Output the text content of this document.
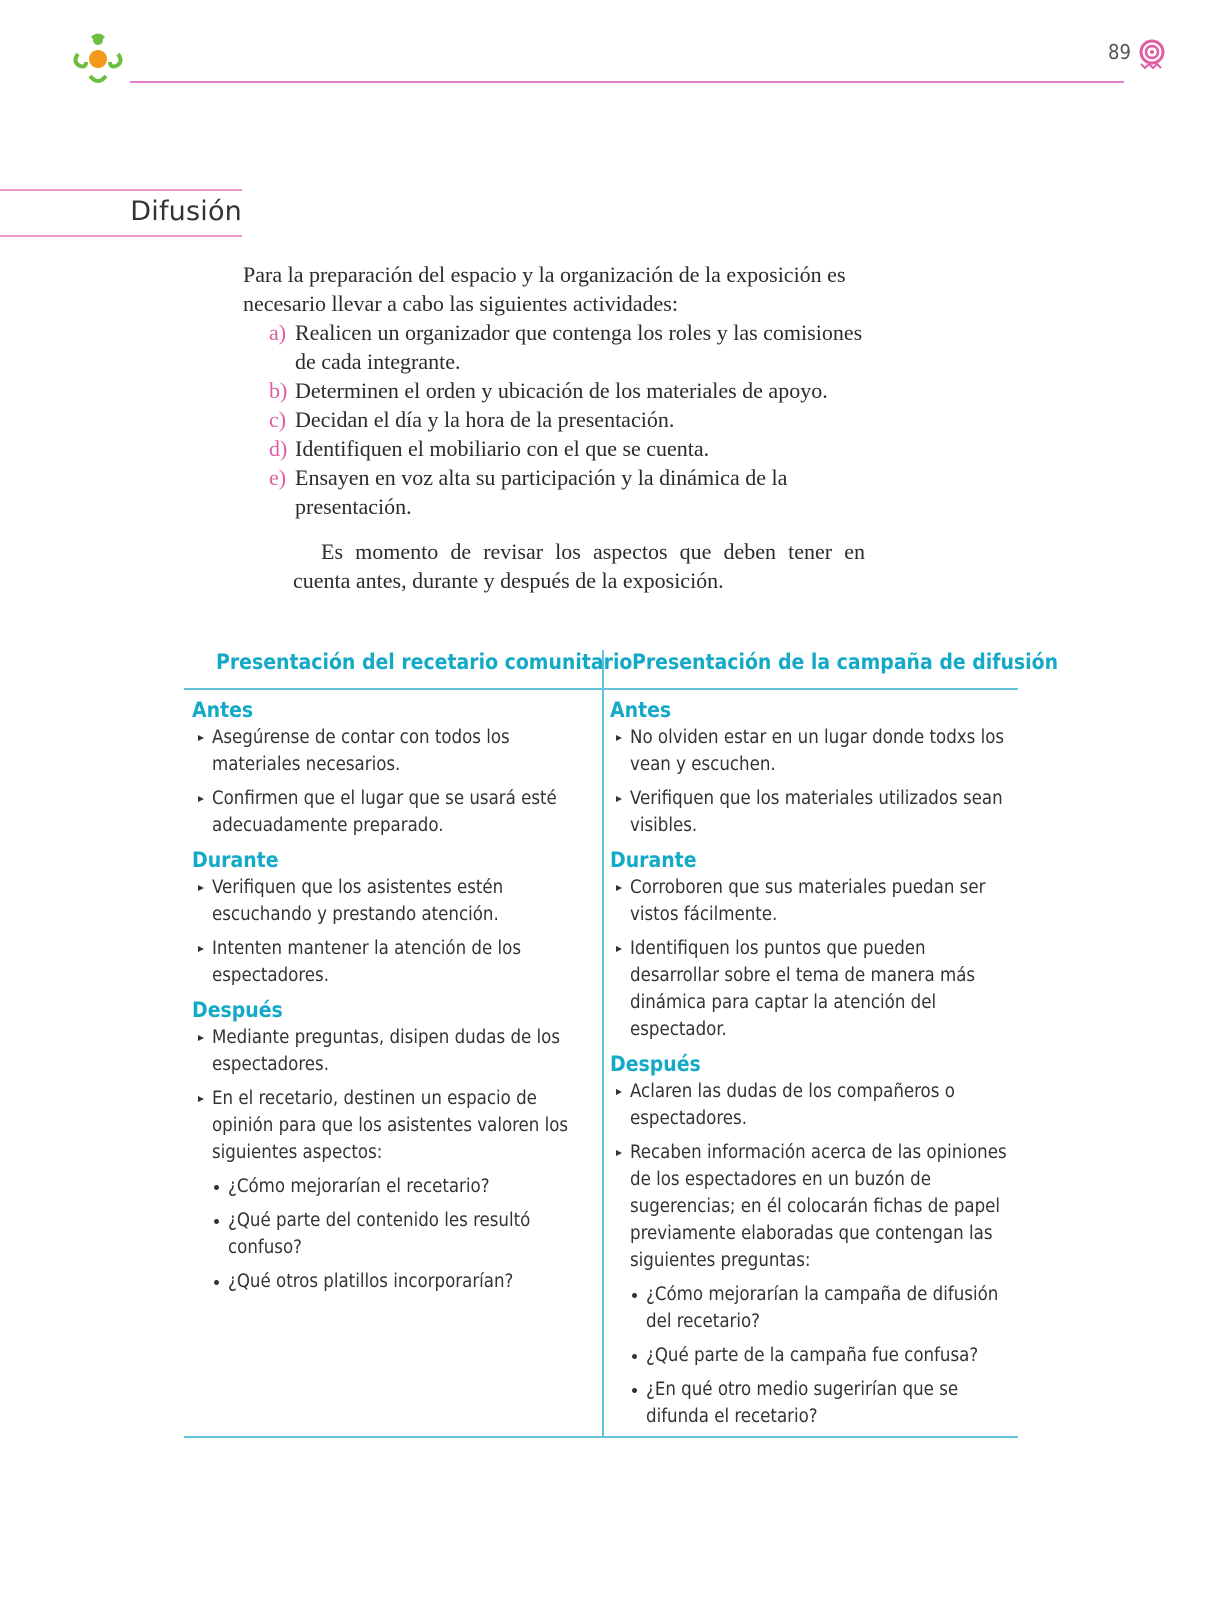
89
Difusión

Para la preparación del espacio y la organización de la exposición es necesario llevar a cabo las siguientes actividades:

a) Realicen un organizador que contenga los roles y las comisiones de cada integrante.
b) Determinen el orden y ubicación de los materiales de apoyo.
c) Decidan el día y la hora de la presentación.
d) Identifiquen el mobiliario con el que se cuenta.
e) Ensayen en voz alta su participación y la dinámica de la presentación.

Es momento de revisar los aspectos que deben tener en cuenta antes, durante y después de la exposición.

Presentación del recetario comunitario Presentación de la campaña de difusión

Antes

Asegúrense de contar con todos los materiales necesarios.
Confirmen que el lugar que se usará esté adecuadamente preparado.

Durante

Verifiquen que los asistentes estén escuchando y prestando atención.
Intenten mantener la atención de los espectadores.

Después

Mediante preguntas, disipen dudas de los espectadores.
En el recetario, destinen un espacio de opinión para que los asistentes valoren los siguientes aspectos:
¿Cómo mejorarían el recetario?
¿Qué parte del contenido les resultó confuso?
¿Qué otros platillos incorporarían?

Antes

No olviden estar en un lugar donde todxs los vean y escuchen.
Verifiquen que los materiales utilizados sean visibles.

Durante

Corroboren que sus materiales puedan ser vistos fácilmente.
Identifiquen los puntos que pueden desarrollar sobre el tema de manera más dinámica para captar la atención del espectador.

Después

Aclaren las dudas de los compañeros o espectadores.
Recaben información acerca de las opiniones de los espectadores en un buzón de sugerencias; en él colocarán fichas de papel previamente elaboradas que contengan las siguientes preguntas:
¿Cómo mejorarían la campaña de difusión del recetario?
¿Qué parte de la campaña fue confusa?
¿En qué otro medio sugerirían que se difunda el recetario?
